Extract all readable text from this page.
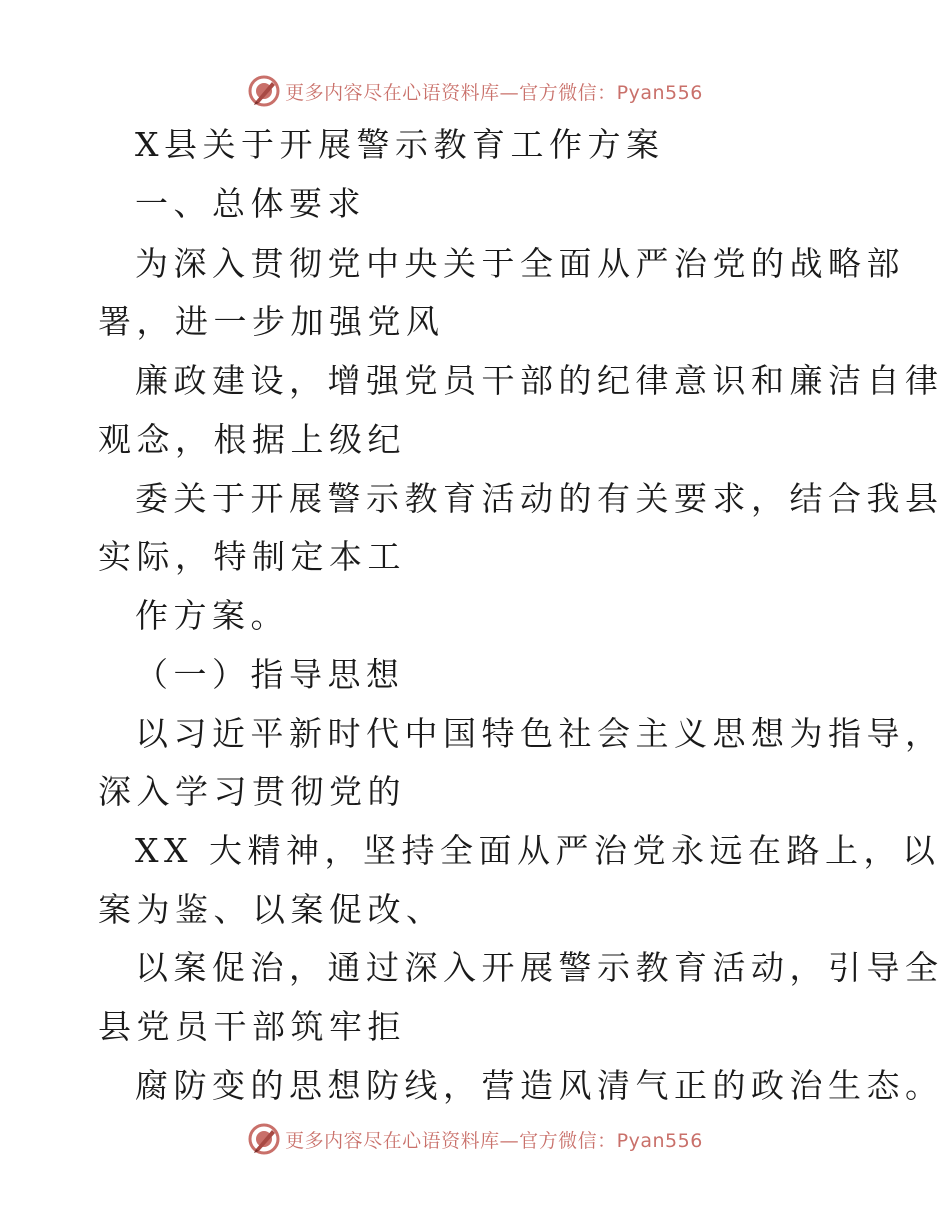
更多内容尽在心语资料库—官方微信：Pyan556
X县关于开展警示教育工作方案
一、总体要求
为深入贯彻党中央关于全面从严治党的战略部
署，进一步加强党风
廉政建设，增强党员干部的纪律意识和廉洁自律
观念，根据上级纪
委关于开展警示教育活动的有关要求，结合我县
实际，特制定本工
作方案。
（一）指导思想
以习近平新时代中国特色社会主义思想为指导，
深入学习贯彻党的
XX 大精神，坚持全面从严治党永远在路上，以
案为鉴、以案促改、
以案促治，通过深入开展警示教育活动，引导全
县党员干部筑牢拒
腐防变的思想防线，营造风清气正的政治生态。
更多内容尽在心语资料库—官方微信：Pyan556
